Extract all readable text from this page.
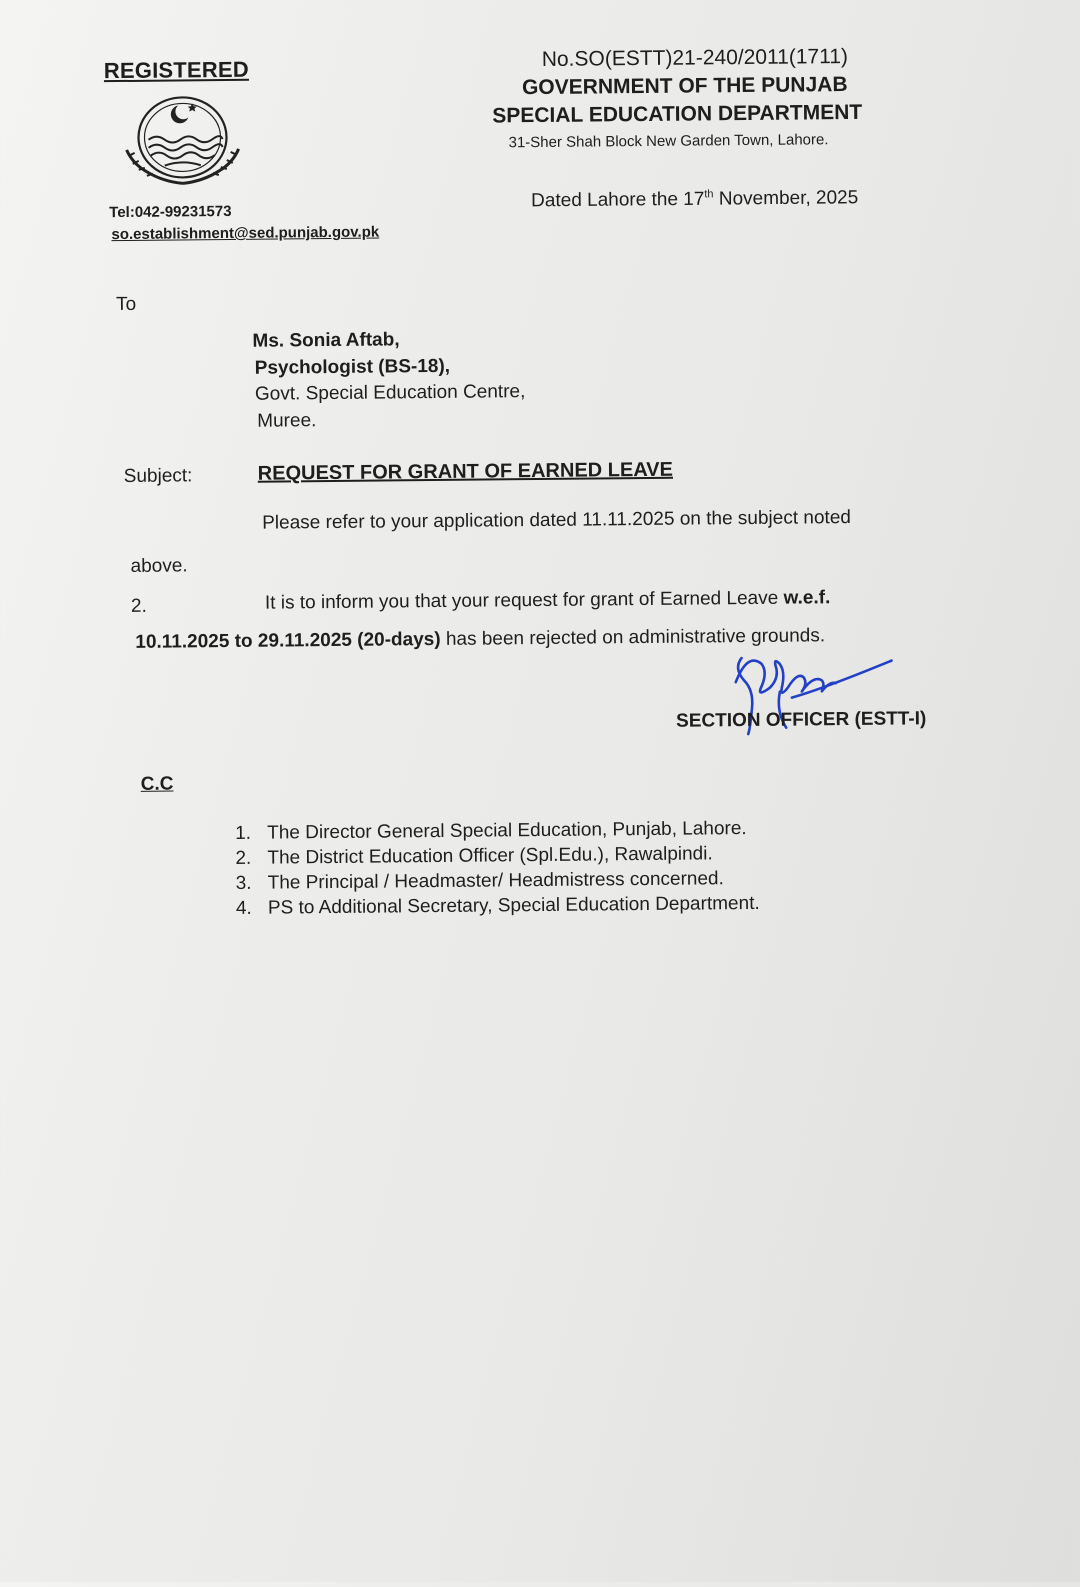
REGISTERED
Tel:042-99231573
so.establishment@sed.punjab.gov.pk
No.SO(ESTT)21-240/2011(1711)
GOVERNMENT OF THE PUNJAB
SPECIAL EDUCATION DEPARTMENT
31-Sher Shah Block New Garden Town, Lahore.
Dated Lahore the 17th November, 2025
To
Ms. Sonia Aftab,
Psychologist (BS-18),
Govt. Special Education Centre,
Muree.
Subject:	REQUEST FOR GRANT OF EARNED LEAVE
Please refer to your application dated 11.11.2025 on the subject noted
above.
2.	It is to inform you that your request for grant of Earned Leave w.e.f.
10.11.2025 to 29.11.2025 (20-days) has been rejected on administrative grounds.
SECTION OFFICER (ESTT-I)
C.C
1. The Director General Special Education, Punjab, Lahore.
2. The District Education Officer (Spl.Edu.), Rawalpindi.
3. The Principal / Headmaster/ Headmistress concerned.
4. PS to Additional Secretary, Special Education Department.
